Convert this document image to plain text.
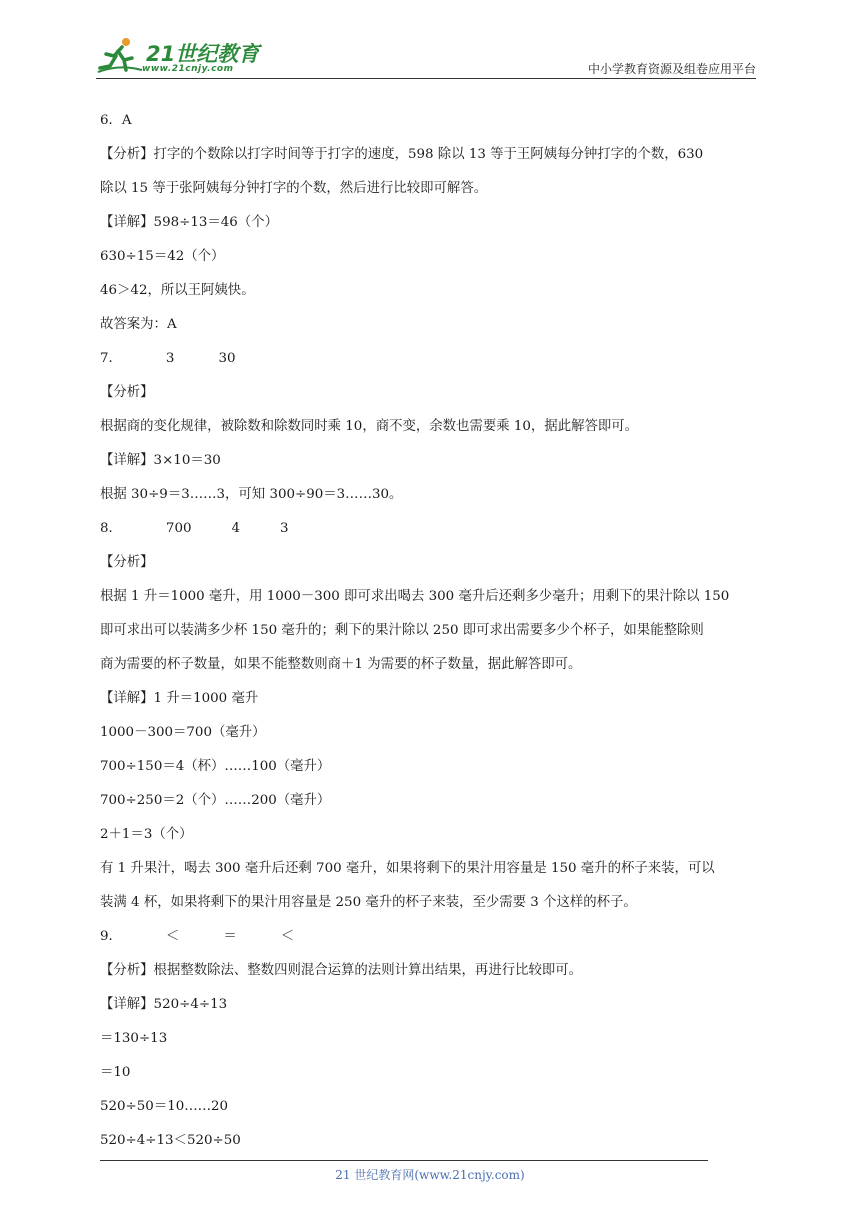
21世纪教育
www.21cnjy.com	中小学教育资源及组卷应用平台

6．A

【分析】打字的个数除以打字时间等于打字的速度，598 除以 13 等于王阿姨每分钟打字的个数，630

除以 15 等于张阿姨每分钟打字的个数，然后进行比较即可解答。

【详解】598÷13＝46（个）

630÷15＝42（个）

46＞42，所以王阿姨快。

故答案为：A

7．	3	30

【分析】

根据商的变化规律，被除数和除数同时乘 10，商不变，余数也需要乘 10，据此解答即可。

【详解】3×10＝30

根据 30÷9＝3……3，可知 300÷90＝3……30。

8．	700	4	3

【分析】

根据 1 升＝1000 毫升，用 1000－300 即可求出喝去 300 毫升后还剩多少毫升；用剩下的果汁除以 150

即可求出可以装满多少杯 150 毫升的；剩下的果汁除以 250 即可求出需要多少个杯子，如果能整除则

商为需要的杯子数量，如果不能整数则商＋1 为需要的杯子数量，据此解答即可。

【详解】1 升＝1000 毫升

1000－300＝700（毫升）

700÷150＝4（杯）……100（毫升）

700÷250＝2（个）……200（毫升）

2＋1＝3（个）

有 1 升果汁，喝去 300 毫升后还剩 700 毫升，如果将剩下的果汁用容量是 150 毫升的杯子来装，可以

装满 4 杯，如果将剩下的果汁用容量是 250 毫升的杯子来装，至少需要 3 个这样的杯子。

9．	＜	＝	＜

【分析】根据整数除法、整数四则混合运算的法则计算出结果，再进行比较即可。

【详解】520÷4÷13

＝130÷13

＝10

520÷50＝10……20

520÷4÷13＜520÷50

21 世纪教育网(www.21cnjy.com)
